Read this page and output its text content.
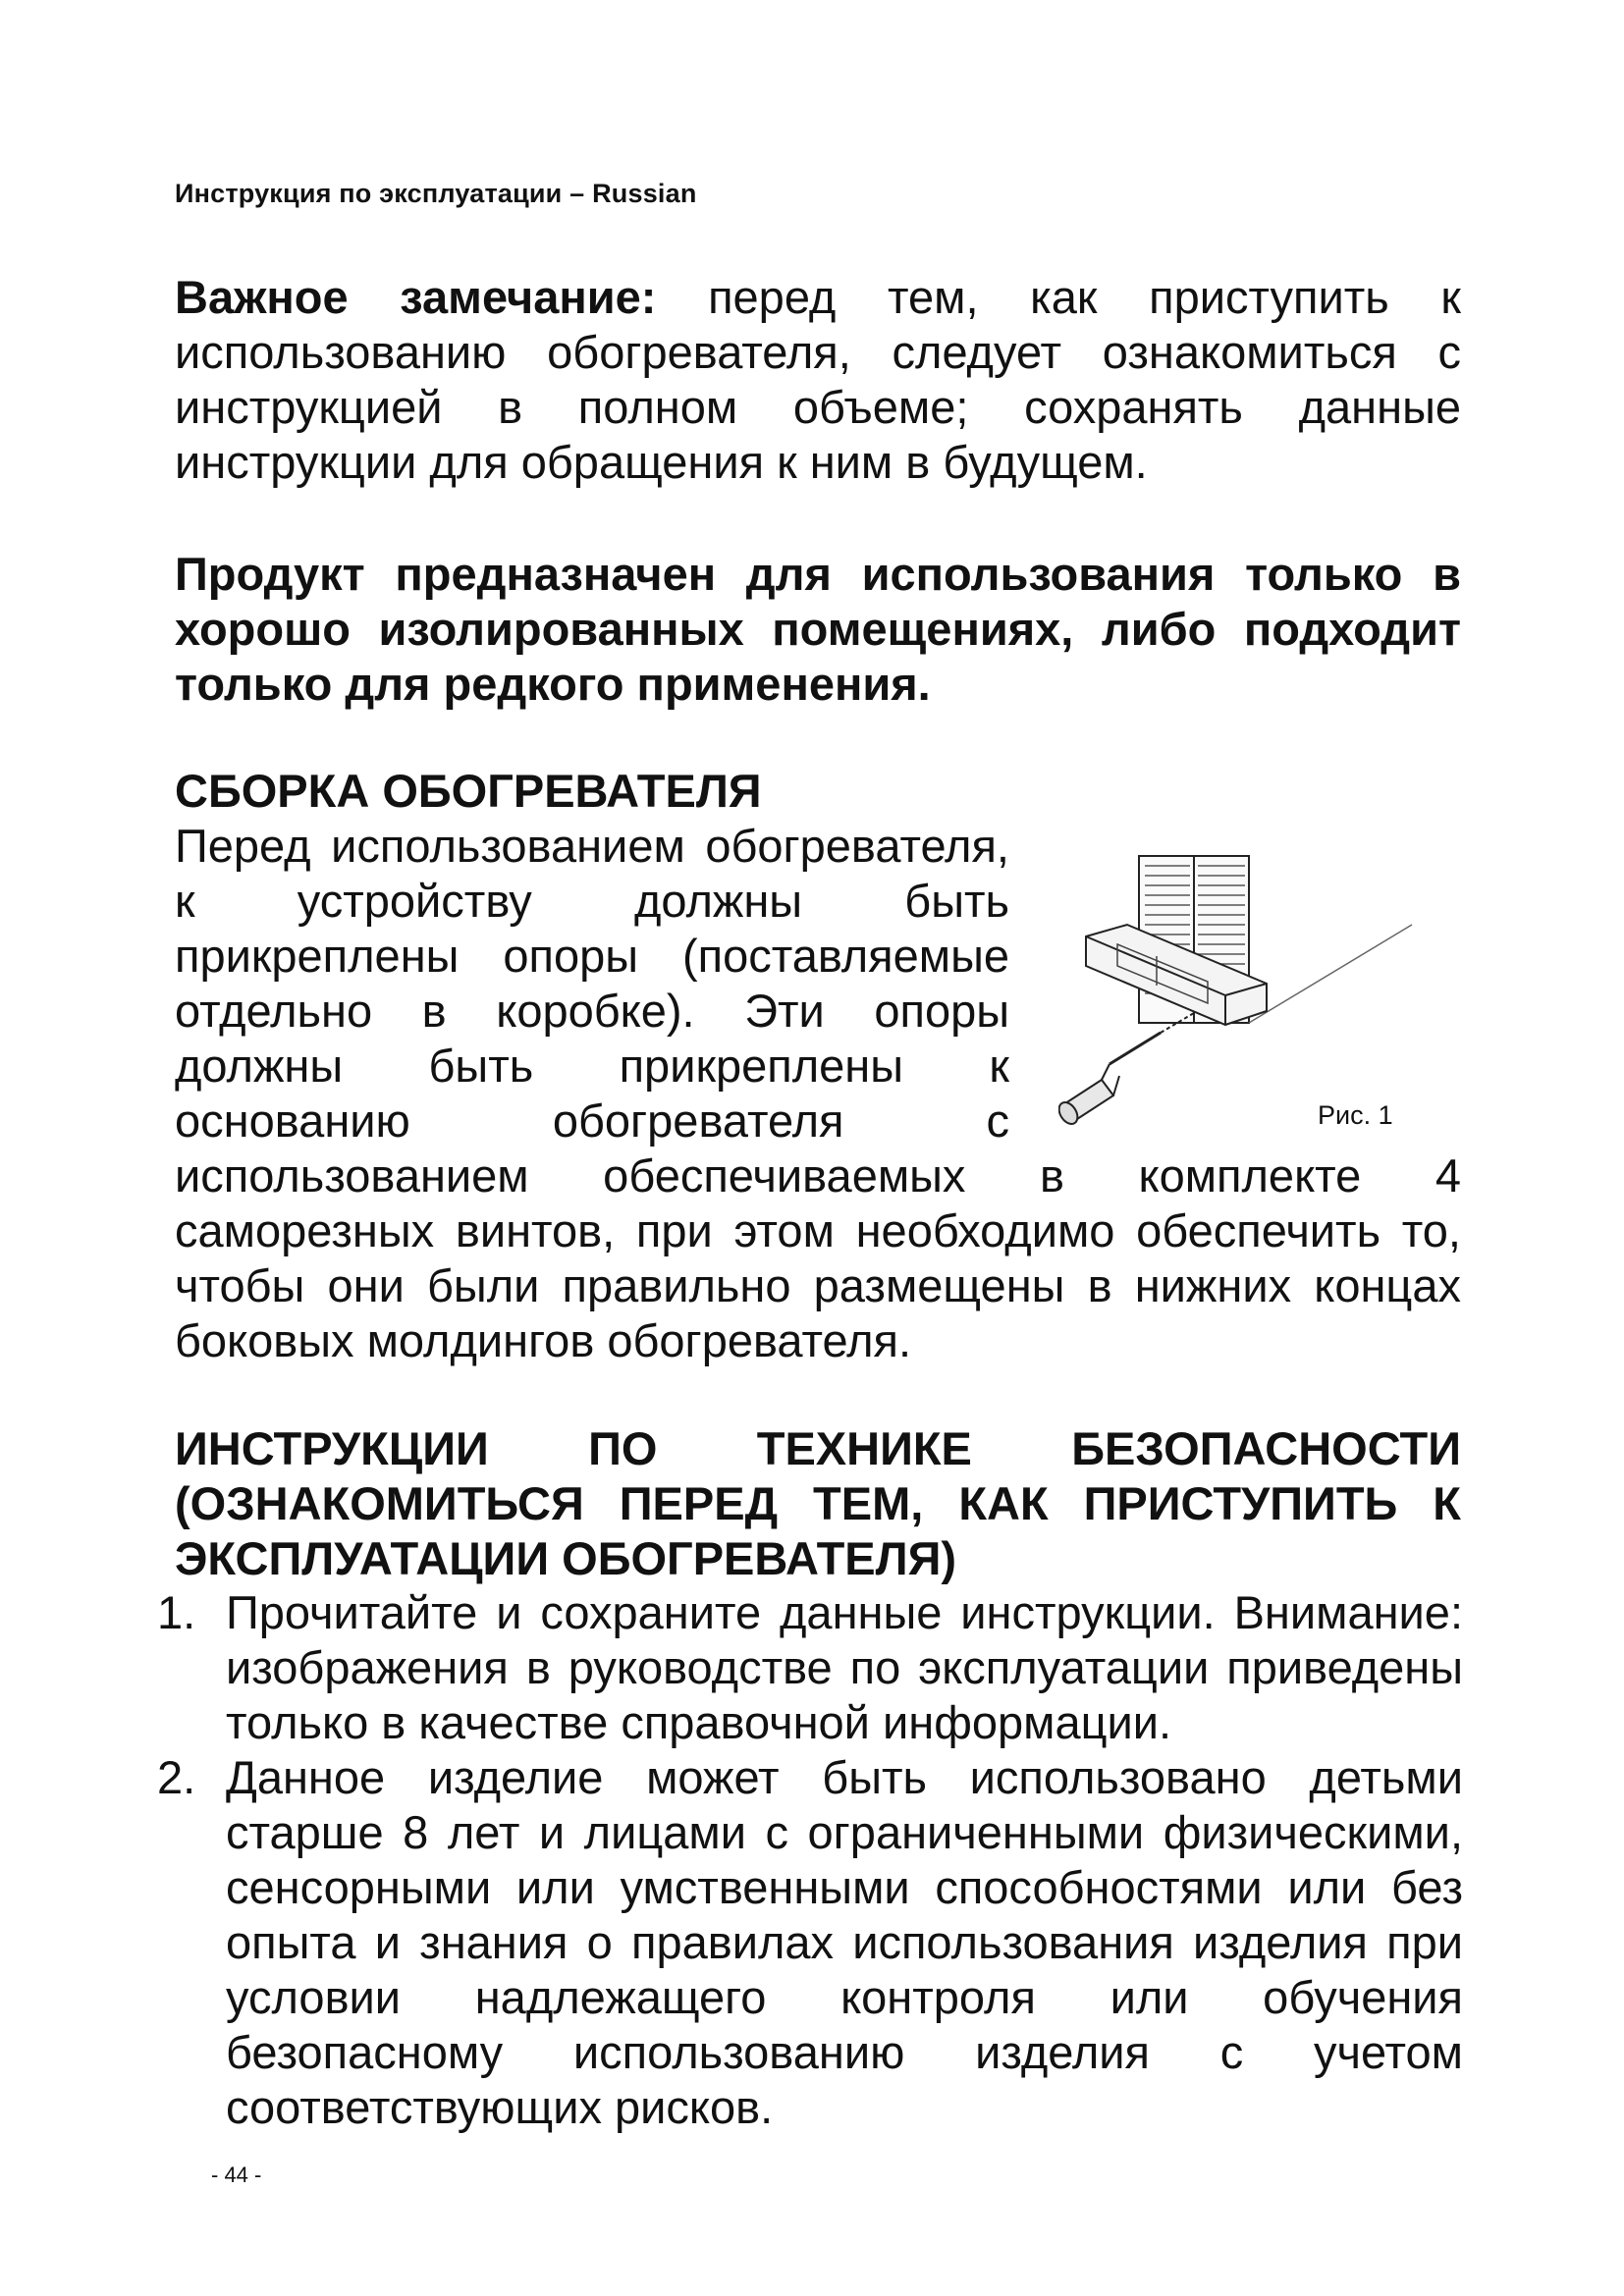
Инструкция по эксплуатации – Russian
Важное замечание: перед тем, как приступить к использованию обогревателя, следует ознакомиться с инструкцией в полном объеме; сохранять данные инструкции для обращения к ним в будущем.
Продукт предназначен для использования только в хорошо изолированных помещениях, либо подходит только для редкого применения.
СБОРКА ОБОГРЕВАТЕЛЯ
Рис. 1
Перед использованием обогревателя, к устройству должны быть прикреплены опоры (поставляемые отдельно в коробке). Эти опоры должны быть прикреплены к основанию обогревателя с использованием обеспечиваемых в комплекте 4 саморезных винтов, при этом необходимо обеспечить то, чтобы они были правильно размещены в нижних концах боковых молдингов обогревателя.
ИНСТРУКЦИИ ПО ТЕХНИКЕ БЕЗОПАСНОСТИ (ОЗНАКОМИТЬСЯ ПЕРЕД ТЕМ, КАК ПРИСТУПИТЬ К ЭКСПЛУАТАЦИИ ОБОГРЕВАТЕЛЯ)
1. Прочитайте и сохраните данные инструкции. Внимание: изображения в руководстве по эксплуатации приведены только в качестве справочной информации.
2. Данное изделие может быть использовано детьми старше 8 лет и лицами с ограниченными физическими, сенсорными или умственными способностями или без опыта и знания о правилах использования изделия при условии надлежащего контроля или обучения безопасному использованию изделия с учетом соответствующих рисков.
- 44 -
